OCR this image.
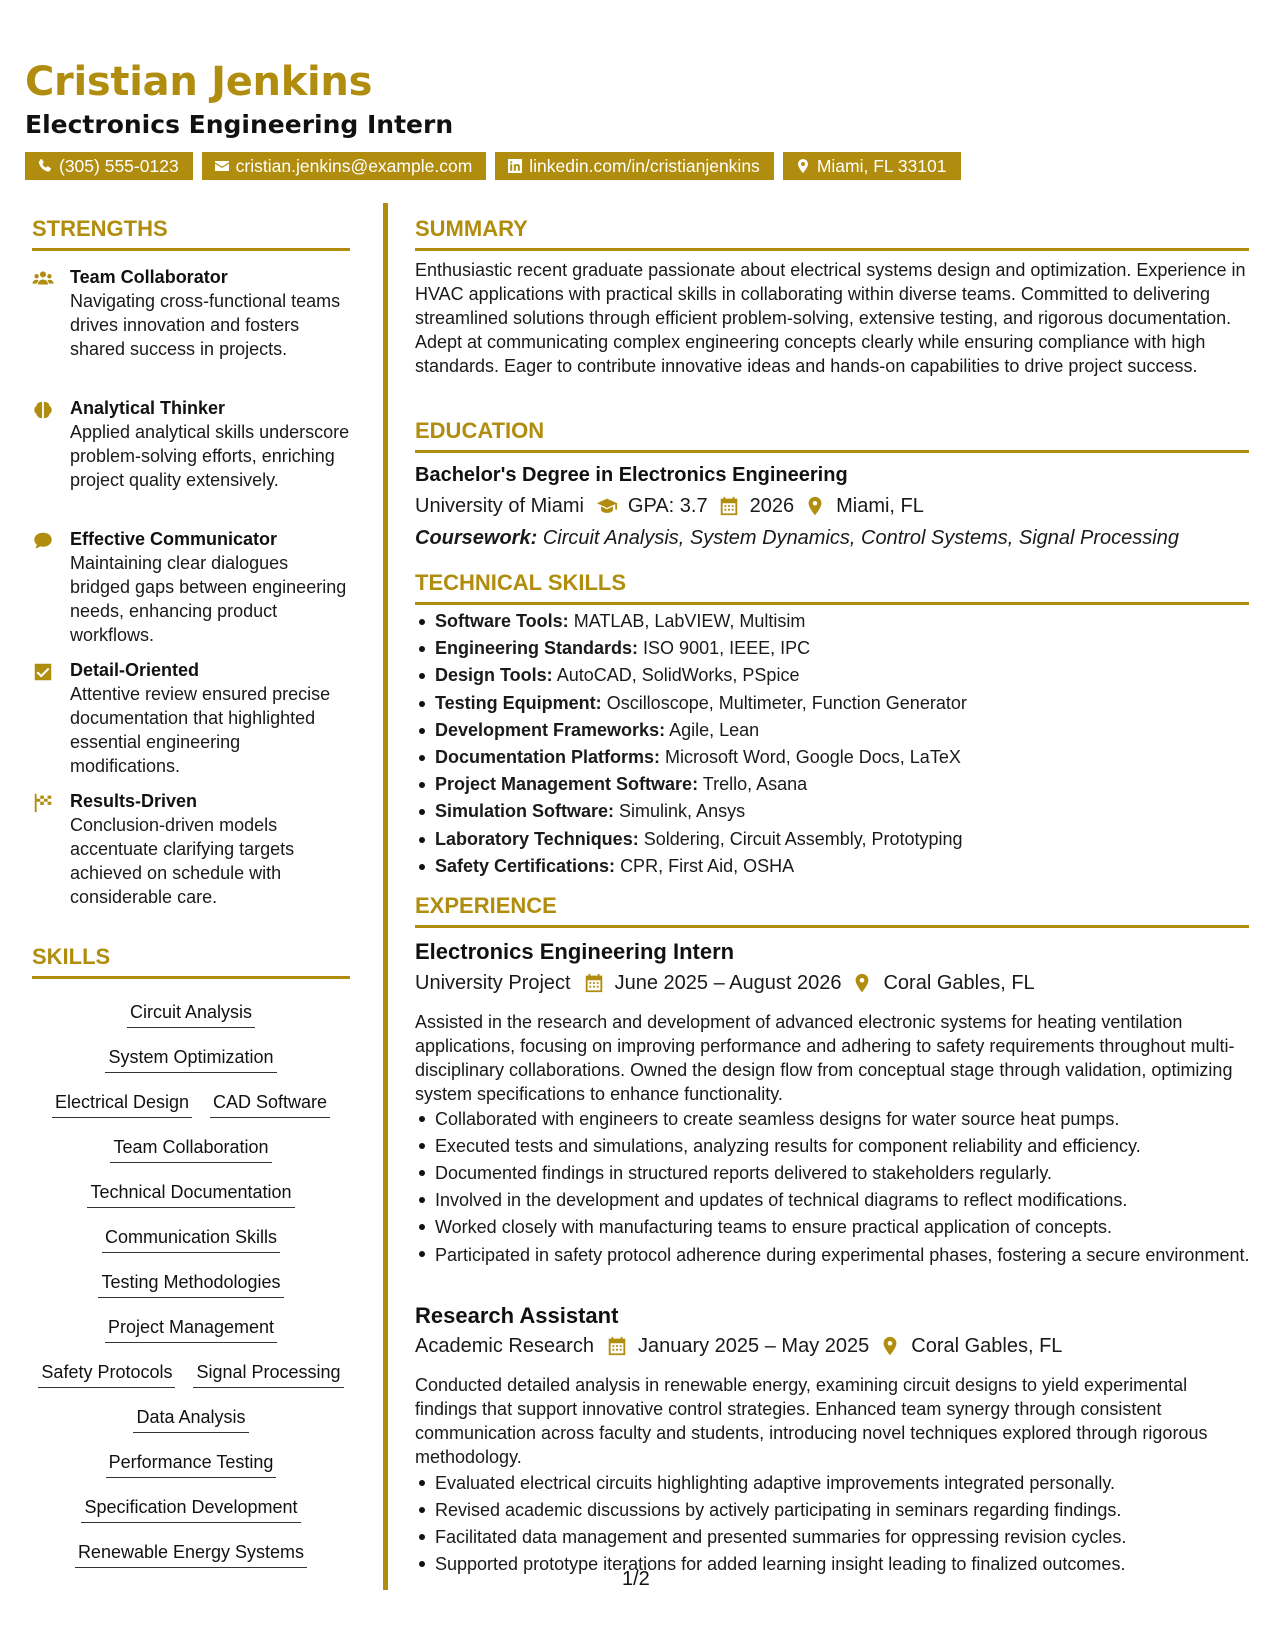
Cristian Jenkins
Electronics Engineering Intern
(305) 555-0123	cristian.jenkins@example.com	linkedin.com/in/cristianjenkins	Miami, FL 33101
STRENGTHS
Team Collaborator
Navigating cross-functional teams drives innovation and fosters shared success in projects.
Analytical Thinker
Applied analytical skills underscore problem-solving efforts, enriching project quality extensively.
Effective Communicator
Maintaining clear dialogues bridged gaps between engineering needs, enhancing product workflows.
Detail-Oriented
Attentive review ensured precise documentation that highlighted essential engineering modifications.
Results-Driven
Conclusion-driven models accentuate clarifying targets achieved on schedule with considerable care.
SKILLS
Circuit Analysis
System Optimization
Electrical Design CAD Software
Team Collaboration
Technical Documentation
Communication Skills
Testing Methodologies
Project Management
Safety Protocols Signal Processing
Data Analysis
Performance Testing
Specification Development
Renewable Energy Systems
SUMMARY

Enthusiastic recent graduate passionate about electrical systems design and optimization. Experience in HVAC applications with practical skills in collaborating within diverse teams. Committed to delivering streamlined solutions through efficient problem-solving, extensive testing, and rigorous documentation. Adept at communicating complex engineering concepts clearly while ensuring compliance with high standards. Eager to contribute innovative ideas and hands-on capabilities to drive project success.

EDUCATION

Bachelor's Degree in Electronics Engineering

University of Miami GPA: 3.7 2026 Miami, FL

Coursework: Circuit Analysis, System Dynamics, Control Systems, Signal Processing

TECHNICAL SKILLS
Software Tools: MATLAB, LabVIEW, Multisim
Engineering Standards: ISO 9001, IEEE, IPC
Design Tools: AutoCAD, SolidWorks, PSpice
Testing Equipment: Oscilloscope, Multimeter, Function Generator
Development Frameworks: Agile, Lean
Documentation Platforms: Microsoft Word, Google Docs, LaTeX
Project Management Software: Trello, Asana
Simulation Software: Simulink, Ansys
Laboratory Techniques: Soldering, Circuit Assembly, Prototyping
Safety Certifications: CPR, First Aid, OSHA
EXPERIENCE

Electronics Engineering Intern

University Project June 2025 – August 2026 Coral Gables, FL

Assisted in the research and development of advanced electronic systems for heating ventilation applications, focusing on improving performance and adhering to safety requirements throughout multi-disciplinary collaborations. Owned the design flow from conceptual stage through validation, optimizing system specifications to enhance functionality.

Collaborated with engineers to create seamless designs for water source heat pumps.
Executed tests and simulations, analyzing results for component reliability and efficiency.
Documented findings in structured reports delivered to stakeholders regularly.
Involved in the development and updates of technical diagrams to reflect modifications.
Worked closely with manufacturing teams to ensure practical application of concepts.
Participated in safety protocol adherence during experimental phases, fostering a secure environment.

Research Assistant

Academic Research January 2025 – May 2025 Coral Gables, FL

Conducted detailed analysis in renewable energy, examining circuit designs to yield experimental findings that support innovative control strategies. Enhanced team synergy through consistent communication across faculty and students, introducing novel techniques explored through rigorous methodology.

Evaluated electrical circuits highlighting adaptive improvements integrated personally.
Revised academic discussions by actively participating in seminars regarding findings.
Facilitated data management and presented summaries for oppressing revision cycles.
Supported prototype iterations for added learning insight leading to finalized outcomes.
1/2
